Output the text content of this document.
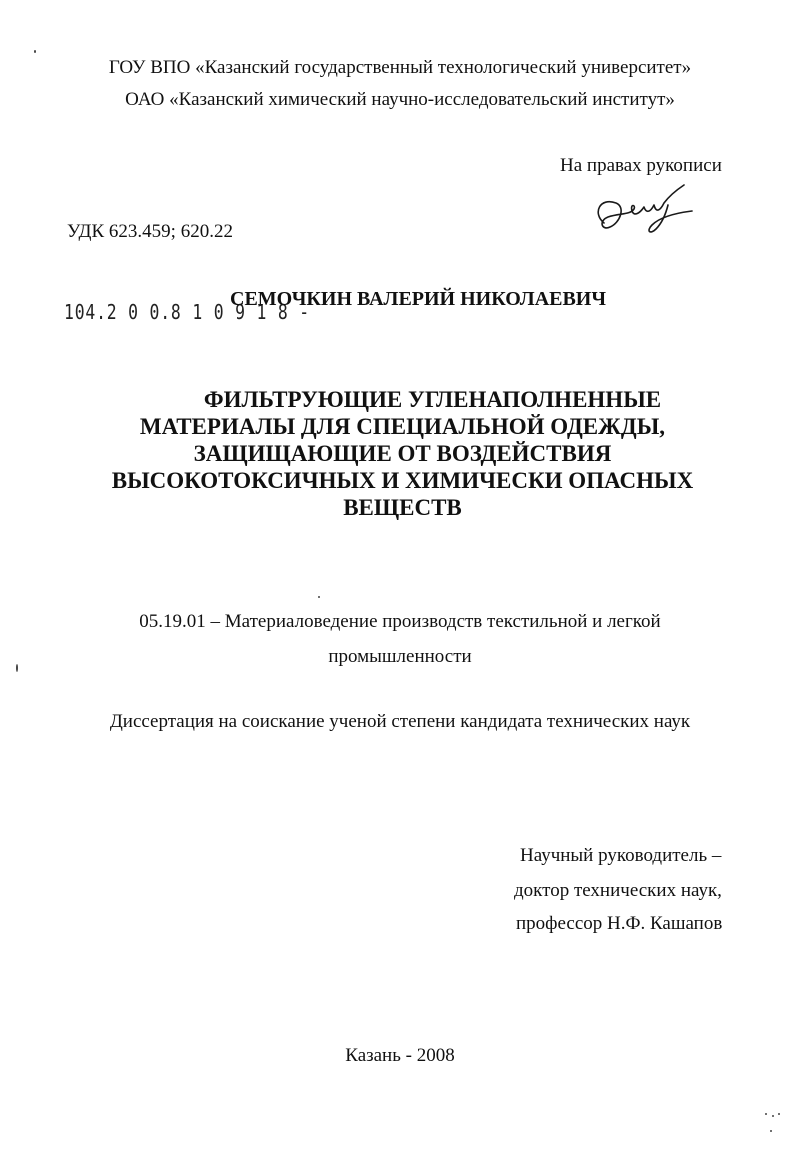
ГОУ ВПО «Казанский государственный технологический университет»
ОАО «Казанский химический научно-исследовательский институт»
На правах рукописи
УДК 623.459; 620.22
104.2 0 0.8 1 0 9 1 8 -
СЕМОЧКИН ВАЛЕРИЙ НИКОЛАЕВИЧ
ФИЛЬТРУЮЩИЕ УГЛЕНАПОЛНЕННЫЕ
МАТЕРИАЛЫ ДЛЯ СПЕЦИАЛЬНОЙ ОДЕЖДЫ,
ЗАЩИЩАЮЩИЕ ОТ ВОЗДЕЙСТВИЯ
ВЫСОКОТОКСИЧНЫХ И ХИМИЧЕСКИ ОПАСНЫХ
ВЕЩЕСТВ
05.19.01 – Материаловедение производств текстильной и легкой
промышленности
Диссертация на соискание ученой степени кандидата технических наук
Научный руководитель –
доктор технических наук,
профессор Н.Ф. Кашапов
Казань - 2008
